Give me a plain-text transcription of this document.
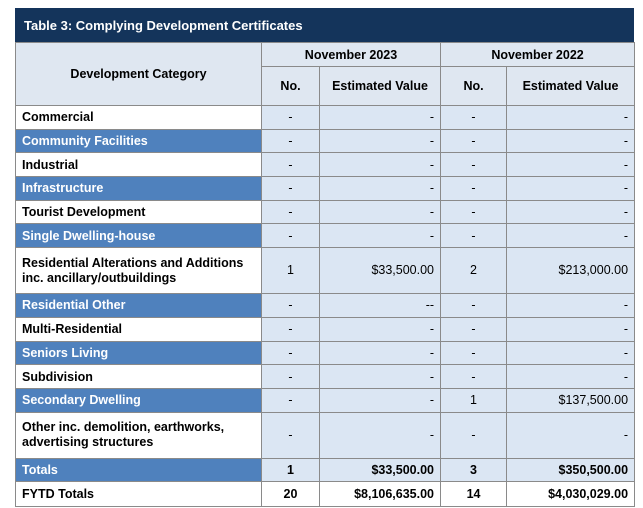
Table 3: Complying Development Certificates
Development Category	November 2023		November 2022	
	No.	Estimated Value	No.	Estimated Value
Commercial	-	-	-	-
Community Facilities	-	-	-	-
Industrial	-	-	-	-
Infrastructure	-	-	-	-
Tourist Development	-	-	-	-
Single Dwelling-house	-	-	-	-
Residential Alterations and Additions inc. ancillary/outbuildings	1	$33,500.00	2	$213,000.00
Residential Other	-	--	-	-
Multi-Residential	-	-	-	-
Seniors Living	-	-	-	-
Subdivision	-	-	-	-
Secondary Dwelling	-	-	1	$137,500.00
Other inc. demolition, earthworks, advertising structures	-	-	-	-
Totals	1	$33,500.00	3	$350,500.00
FYTD Totals	20	$8,106,635.00	14	$4,030,029.00
